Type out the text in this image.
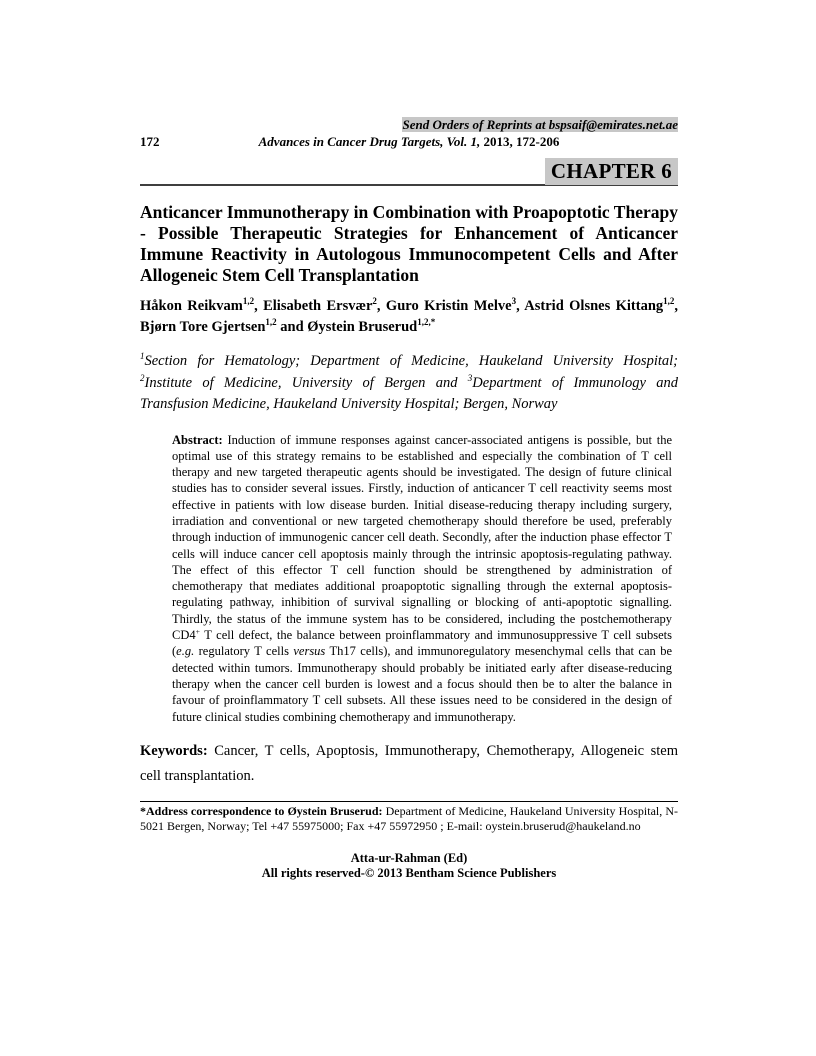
Send Orders of Reprints at bspsaif@emirates.net.ae
172	Advances in Cancer Drug Targets, Vol. 1, 2013, 172-206
CHAPTER 6
Anticancer Immunotherapy in Combination with Proapoptotic Therapy - Possible Therapeutic Strategies for Enhancement of Anticancer Immune Reactivity in Autologous Immunocompetent Cells and After Allogeneic Stem Cell Transplantation

Håkon Reikvam$^{1,2}$, Elisabeth Ersvær$^2$, Guro Kristin Melve$^3$, Astrid Olsnes Kittang$^{1,2}$, Bjørn Tore Gjertsen$^{1,2}$ and Øystein Bruserud$^{1,2,*}$

$^1$Section for Hematology; Department of Medicine, Haukeland University Hospital; $^2$Institute of Medicine, University of Bergen and $^3$Department of Immunology and Transfusion Medicine, Haukeland University Hospital; Bergen, Norway

Abstract: Induction of immune responses against cancer-associated antigens is possible, but the optimal use of this strategy remains to be established and especially the combination of T cell therapy and new targeted therapeutic agents should be investigated. The design of future clinical studies has to consider several issues. Firstly, induction of anticancer T cell reactivity seems most effective in patients with low disease burden. Initial disease-reducing therapy including surgery, irradiation and conventional or new targeted chemotherapy should therefore be used, preferably through induction of immunogenic cancer cell death. Secondly, after the induction phase effector T cells will induce cancer cell apoptosis mainly through the intrinsic apoptosis-regulating pathway. The effect of this effector T cell function should be strengthened by administration of chemotherapy that mediates additional proapoptotic signalling through the external apoptosis-regulating pathway, inhibition of survival signalling or blocking of anti-apoptotic signalling. Thirdly, the status of the immune system has to be considered, including the postchemotherapy CD4+ T cell defect, the balance between proinflammatory and immunosuppressive T cell subsets (e.g. regulatory T cells versus Th17 cells), and immunoregulatory mesenchymal cells that can be detected within tumors. Immunotherapy should probably be initiated early after disease-reducing therapy when the cancer cell burden is lowest and a focus should then be to alter the balance in favour of proinflammatory T cell subsets. All these issues need to be considered in the design of future clinical studies combining chemotherapy and immunotherapy.

Keywords: Cancer, T cells, Apoptosis, Immunotherapy, Chemotherapy, Allogeneic stem cell transplantation.

*Address correspondence to Øystein Bruserud: Department of Medicine, Haukeland University Hospital, N-5021 Bergen, Norway; Tel +47 55975000; Fax +47 55972950 ; E-mail: oystein.bruserud@haukeland.no

Atta-ur-Rahman (Ed)
All rights reserved-© 2013 Bentham Science Publishers
